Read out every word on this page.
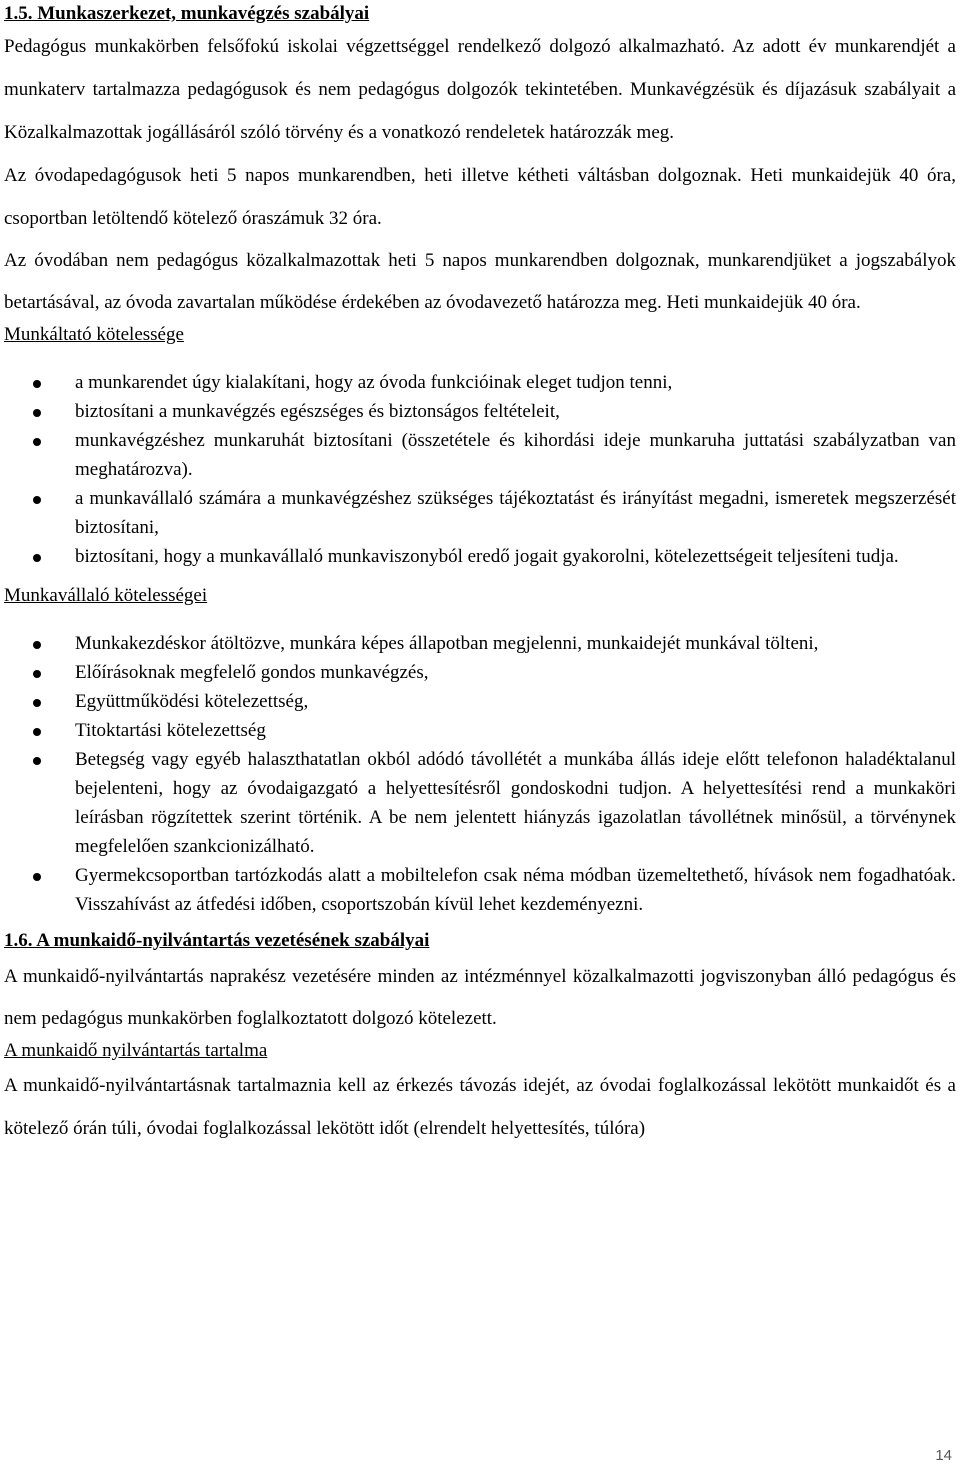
1.5. Munkaszerkezet, munkavégzés szabályai

Pedagógus munkakörben felsőfokú iskolai végzettséggel rendelkező dolgozó alkalmazható. Az adott év munkarendjét a munkaterv tartalmazza pedagógusok és nem pedagógus dolgozók tekintetében. Munkavégzésük és díjazásuk szabályait a Közalkalmazottak jogállásáról szóló törvény és a vonatkozó rendeletek határozzák meg.

Az óvodapedagógusok heti 5 napos munkarendben, heti illetve kétheti váltásban dolgoznak. Heti munkaidejük 40 óra, csoportban letöltendő kötelező óraszámuk 32 óra.

Az óvodában nem pedagógus közalkalmazottak heti 5 napos munkarendben dolgoznak, munkarendjüket a jogszabályok betartásával, az óvoda zavartalan működése érdekében az óvodavezető határozza meg. Heti munkaidejük 40 óra.

Munkáltató kötelessége
a munkarendet úgy kialakítani, hogy az óvoda funkcióinak eleget tudjon tenni,
biztosítani a munkavégzés egészséges és biztonságos feltételeit,
munkavégzéshez munkaruhát biztosítani (összetétele és kihordási ideje munkaruha juttatási szabályzatban van meghatározva).
a munkavállaló számára a munkavégzéshez szükséges tájékoztatást és irányítást megadni, ismeretek megszerzését biztosítani,
biztosítani, hogy a munkavállaló munkaviszonyból eredő jogait gyakorolni, kötelezettségeit teljesíteni tudja.
Munkavállaló kötelességei
Munkakezdéskor átöltözve, munkára képes állapotban megjelenni, munkaidejét munkával tölteni,
Előírásoknak megfelelő gondos munkavégzés,
Együttműködési kötelezettség,
Titoktartási kötelezettség
Betegség vagy egyéb halaszthatatlan okból adódó távollétét a munkába állás ideje előtt telefonon haladéktalanul bejelenteni, hogy az óvodaigazgató a helyettesítésről gondoskodni tudjon. A helyettesítési rend a munkaköri leírásban rögzítettek szerint történik. A be nem jelentett hiányzás igazolatlan távollétnek minősül, a törvénynek megfelelően szankcionizálható.
Gyermekcsoportban tartózkodás alatt a mobiltelefon csak néma módban üzemeltethető, hívások nem fogadhatóak. Visszahívást az átfedési időben, csoportszobán kívül lehet kezdeményezni.
1.6. A munkaidő-nyilvántartás vezetésének szabályai

A munkaidő-nyilvántartás naprakész vezetésére minden az intézménnyel közalkalmazotti jogviszonyban álló pedagógus és nem pedagógus munkakörben foglalkoztatott dolgozó kötelezett.

A munkaidő nyilvántartás tartalma

A munkaidő-nyilvántartásnak tartalmaznia kell az érkezés távozás idejét, az óvodai foglalkozással lekötött munkaidőt és a kötelező órán túli, óvodai foglalkozással lekötött időt (elrendelt helyettesítés, túlóra)

14
